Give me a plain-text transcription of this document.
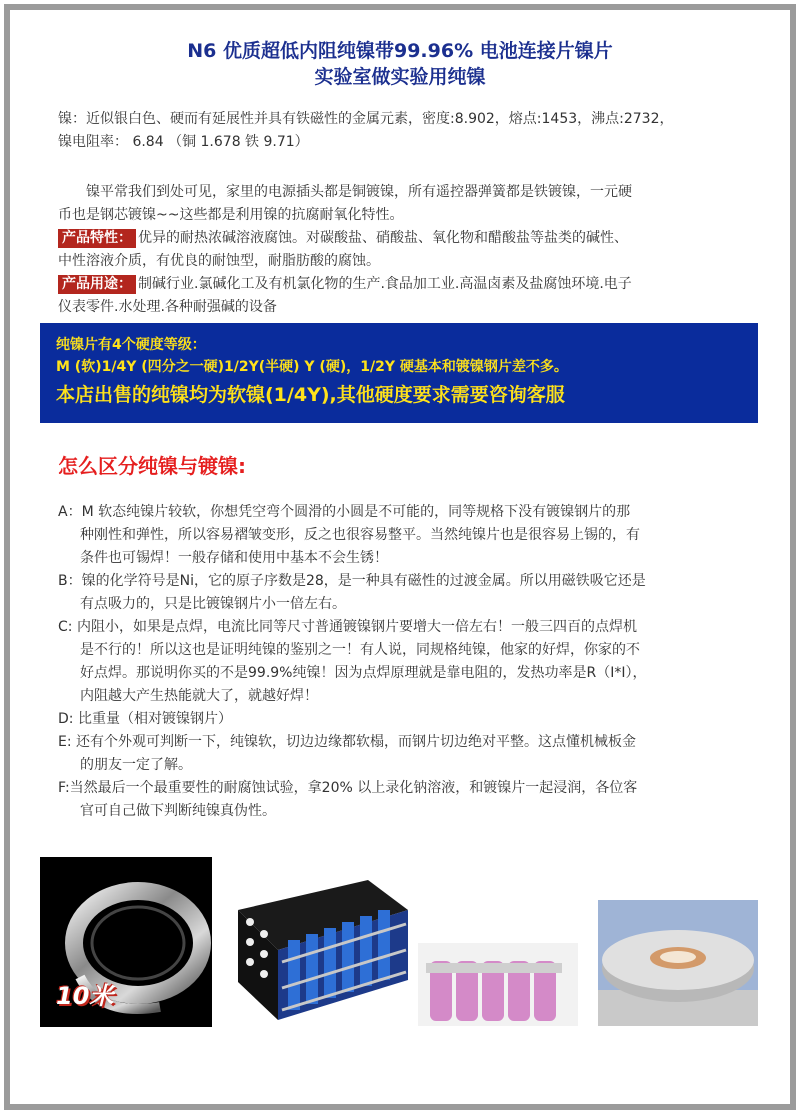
N6 优质超低内阻纯镍带99.96% 电池连接片镍片
实验室做实验用纯镍
镍：近似银白色、硬而有延展性并具有铁磁性的金属元素，密度:8.902，熔点:1453，沸点:2732，
镍电阻率： 6.84 （铜 1.678 铁 9.71）
镍平常我们到处可见，家里的电源插头都是铜镀镍，所有遥控器弹簧都是铁镀镍，一元硬
币也是钢芯镀镍~~这些都是利用镍的抗腐耐氧化特性。
产品特性： 优异的耐热浓碱溶液腐蚀。对碳酸盐、硝酸盐、氧化物和醋酸盐等盐类的碱性、
中性溶液介质，有优良的耐蚀型，耐脂肪酸的腐蚀。
产品用途： 制碱行业.氯碱化工及有机氯化物的生产.食品加工业.高温卤素及盐腐蚀环境.电子
仪表零件.水处理.各种耐强碱的设备
纯镍片有4个硬度等级：
M (软)1/4Y (四分之一硬)1/2Y(半硬) Y (硬)，1/2Y 硬基本和镀镍钢片差不多。
本店出售的纯镍均为软镍(1/4Y),其他硬度要求需要咨询客服
怎么区分纯镍与镀镍:
A：M 软态纯镍片较软，你想凭空弯个圆滑的小圆是不可能的，同等规格下没有镀镍钢片的那
种刚性和弹性，所以容易褶皱变形，反之也很容易整平。当然纯镍片也是很容易上锡的，有
条件也可锡焊！一般存储和使用中基本不会生锈！
B：镍的化学符号是Ni，它的原子序数是28，是一种具有磁性的过渡金属。所以用磁铁吸它还是
有点吸力的，只是比镀镍钢片小一倍左右。
C: 内阻小，如果是点焊，电流比同等尺寸普通镀镍钢片要增大一倍左右！一般三四百的点焊机
是不行的！所以这也是证明纯镍的鉴别之一！有人说，同规格纯镍，他家的好焊，你家的不
好点焊。那说明你买的不是99.9%纯镍！因为点焊原理就是靠电阻的，发热功率是R（I*I），
内阻越大产生热能就大了，就越好焊！
D: 比重量（相对镀镍钢片）
E: 还有个外观可判断一下，纯镍软，切边边缘都软榻，而钢片切边绝对平整。这点懂机械板金
的朋友一定了解。
F:当然最后一个最重要性的耐腐蚀试验，拿20% 以上录化钠溶液，和镀镍片一起浸润，各位客
官可自己做下判断纯镍真伪性。
10米
